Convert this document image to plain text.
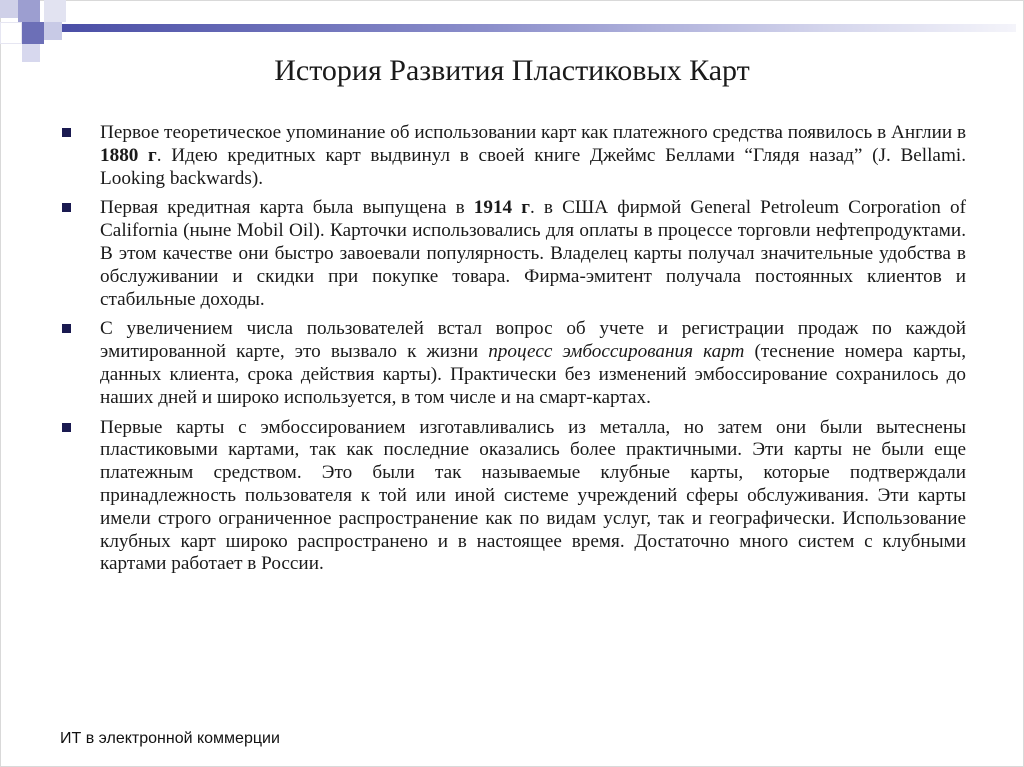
История Развития Пластиковых Карт
Первое теоретическое упоминание об использовании карт как платежного средства появилось в Англии в 1880 г. Идею кредитных карт выдвинул в своей книге Джеймс Беллами “Глядя назад” (J. Bellami. Looking backwards).
Первая кредитная карта была выпущена в 1914 г. в США фирмой General Petroleum Corporation of California (ныне Mobil Oil). Карточки использовались для оплаты в процессе торговли нефтепродуктами. В этом качестве они быстро завоевали популярность. Владелец карты получал значительные удобства в обслуживании и скидки при покупке товара. Фирма-эмитент получала постоянных клиентов и стабильные доходы.
С увеличением числа пользователей встал вопрос об учете и регистрации продаж по каждой эмитированной карте, это вызвало к жизни процесс эмбоссирования карт (теснение номера карты, данных клиента, срока действия карты). Практически без изменений эмбоссирование сохранилось до наших дней и широко используется, в том числе и на смарт-картах.
Первые карты с эмбоссированием изготавливались из металла, но затем они были вытеснены пластиковыми картами, так как последние оказались более практичными. Эти карты не были еще платежным средством. Это были так называемые клубные карты, которые подтверждали принадлежность пользователя к той или иной системе учреждений сферы обслуживания. Эти карты имели строго ограниченное распространение как по видам услуг, так и географически. Использование клубных карт широко распространено и в настоящее время. Достаточно много систем с клубными картами работает в России.
ИТ в электронной коммерции
